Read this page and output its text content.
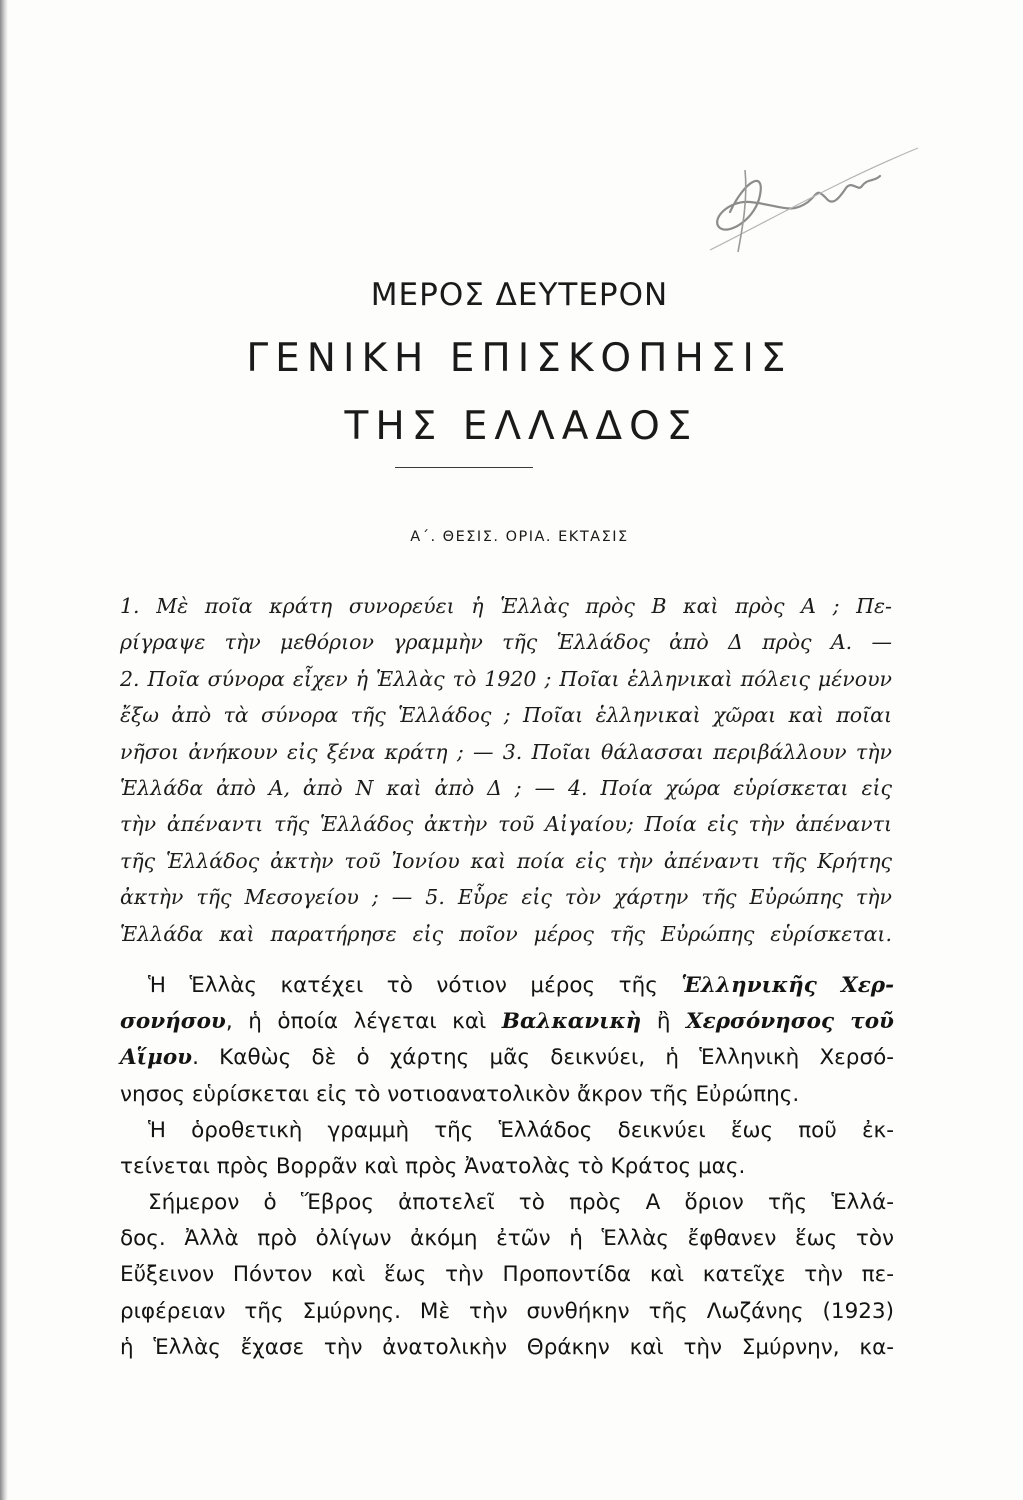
ΜΕΡΟΣ ΔΕΥΤΕΡΟΝ
ΓΕΝΙΚΗ ΕΠΙΣΚΟΠΗΣΙΣ
ΤΗΣ ΕΛΛΑΔΟΣ
Α΄. ΘΕΣΙΣ. ΟΡΙΑ. ΕΚΤΑΣΙΣ
1. Μὲ ποῖα κράτη συνορεύει ἡ Ἑλλὰς πρὸς Β καὶ πρὸς Α ; Πε-
ρίγραψε τὴν μεθόριον γραμμὴν τῆς Ἑλλάδος ἀπὸ Δ πρὸς Α. —
2. Ποῖα σύνορα εἶχεν ἡ Ἑλλὰς τὸ 1920 ; Ποῖαι ἑλληνικαὶ πόλεις μένουν
ἔξω ἀπὸ τὰ σύνορα τῆς Ἑλλάδος ; Ποῖαι ἑλληνικαὶ χῶραι καὶ ποῖαι
νῆσοι ἀνήκουν εἰς ξένα κράτη ; — 3. Ποῖαι θάλασσαι περιβάλλουν τὴν
Ἑλλάδα ἀπὸ Α, ἀπὸ Ν καὶ ἀπὸ Δ ; — 4. Ποία χώρα εὑρίσκεται εἰς
τὴν ἀπέναντι τῆς Ἑλλάδος ἀκτὴν τοῦ Αἰγαίου; Ποία εἰς τὴν ἀπέναντι
τῆς Ἑλλάδος ἀκτὴν τοῦ Ἰονίου καὶ ποία εἰς τὴν ἀπέναντι τῆς Κρήτης
ἀκτὴν τῆς Μεσογείου ; — 5. Εὗρε εἰς τὸν χάρτην τῆς Εὐρώπης τὴν
Ἑλλάδα καὶ παρατήρησε εἰς ποῖον μέρος τῆς Εὐρώπης εὑρίσκεται.
Ἡ Ἑλλὰς κατέχει τὸ νότιον μέρος τῆς Ἑλληνικῆς Χερ-
σονήσου, ἡ ὁποία λέγεται καὶ Βαλκανικὴ ἢ Χερσόνησος τοῦ
Αἵμου. Καθὼς δὲ ὁ χάρτης μᾶς δεικνύει, ἡ Ἑλληνικὴ Χερσό-
νησος εὑρίσκεται εἰς τὸ νοτιοανατολικὸν ἄκρον τῆς Εὐρώπης.
Ἡ ὁροθετικὴ γραμμὴ τῆς Ἑλλάδος δεικνύει ἕως ποῦ ἐκ-
τείνεται πρὸς Βορρᾶν καὶ πρὸς Ἀνατολὰς τὸ Κράτος μας.
Σήμερον ὁ Ἕβρος ἀποτελεῖ τὸ πρὸς Α ὅριον τῆς Ἑλλά-
δος. Ἀλλὰ πρὸ ὀλίγων ἀκόμη ἐτῶν ἡ Ἑλλὰς ἔφθανεν ἕως τὸν
Εὔξεινον Πόντον καὶ ἕως τὴν Προποντίδα καὶ κατεῖχε τὴν πε-
ριφέρειαν τῆς Σμύρνης. Μὲ τὴν συνθήκην τῆς Λωζάνης (1923)
ἡ Ἑλλὰς ἔχασε τὴν ἀνατολικὴν Θράκην καὶ τὴν Σμύρνην, κα-
